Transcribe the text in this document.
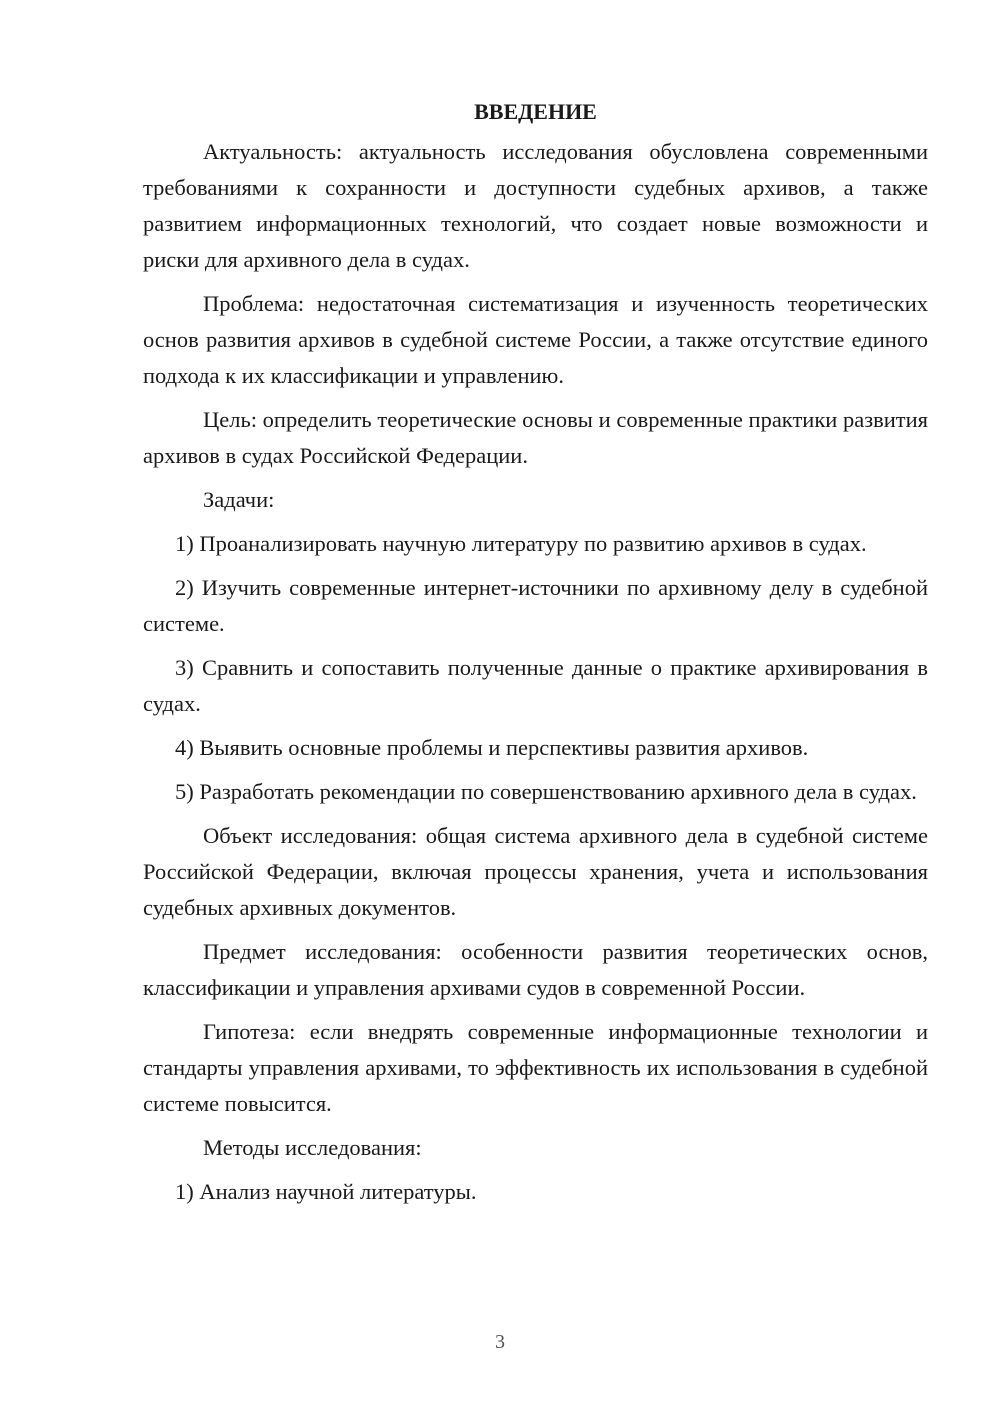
ВВЕДЕНИЕ

Актуальность: актуальность исследования обусловлена современными требованиями к сохранности и доступности судебных архивов, а также развитием информационных технологий, что создает новые возможности и риски для архивного дела в судах.

Проблема: недостаточная систематизация и изученность теоретических основ развития архивов в судебной системе России, а также отсутствие единого подхода к их классификации и управлению.

Цель: определить теоретические основы и современные практики развития архивов в судах Российской Федерации.

Задачи:

1) Проанализировать научную литературу по развитию архивов в судах.

2) Изучить современные интернет-источники по архивному делу в судебной системе.

3) Сравнить и сопоставить полученные данные о практике архивирования в судах.

4) Выявить основные проблемы и перспективы развития архивов.

5) Разработать рекомендации по совершенствованию архивного дела в судах.

Объект исследования: общая система архивного дела в судебной системе Российской Федерации, включая процессы хранения, учета и использования судебных архивных документов.

Предмет исследования: особенности развития теоретических основ, классификации и управления архивами судов в современной России.

Гипотеза: если внедрять современные информационные технологии и стандарты управления архивами, то эффективность их использования в судебной системе повысится.

Методы исследования:

1) Анализ научной литературы.

3
